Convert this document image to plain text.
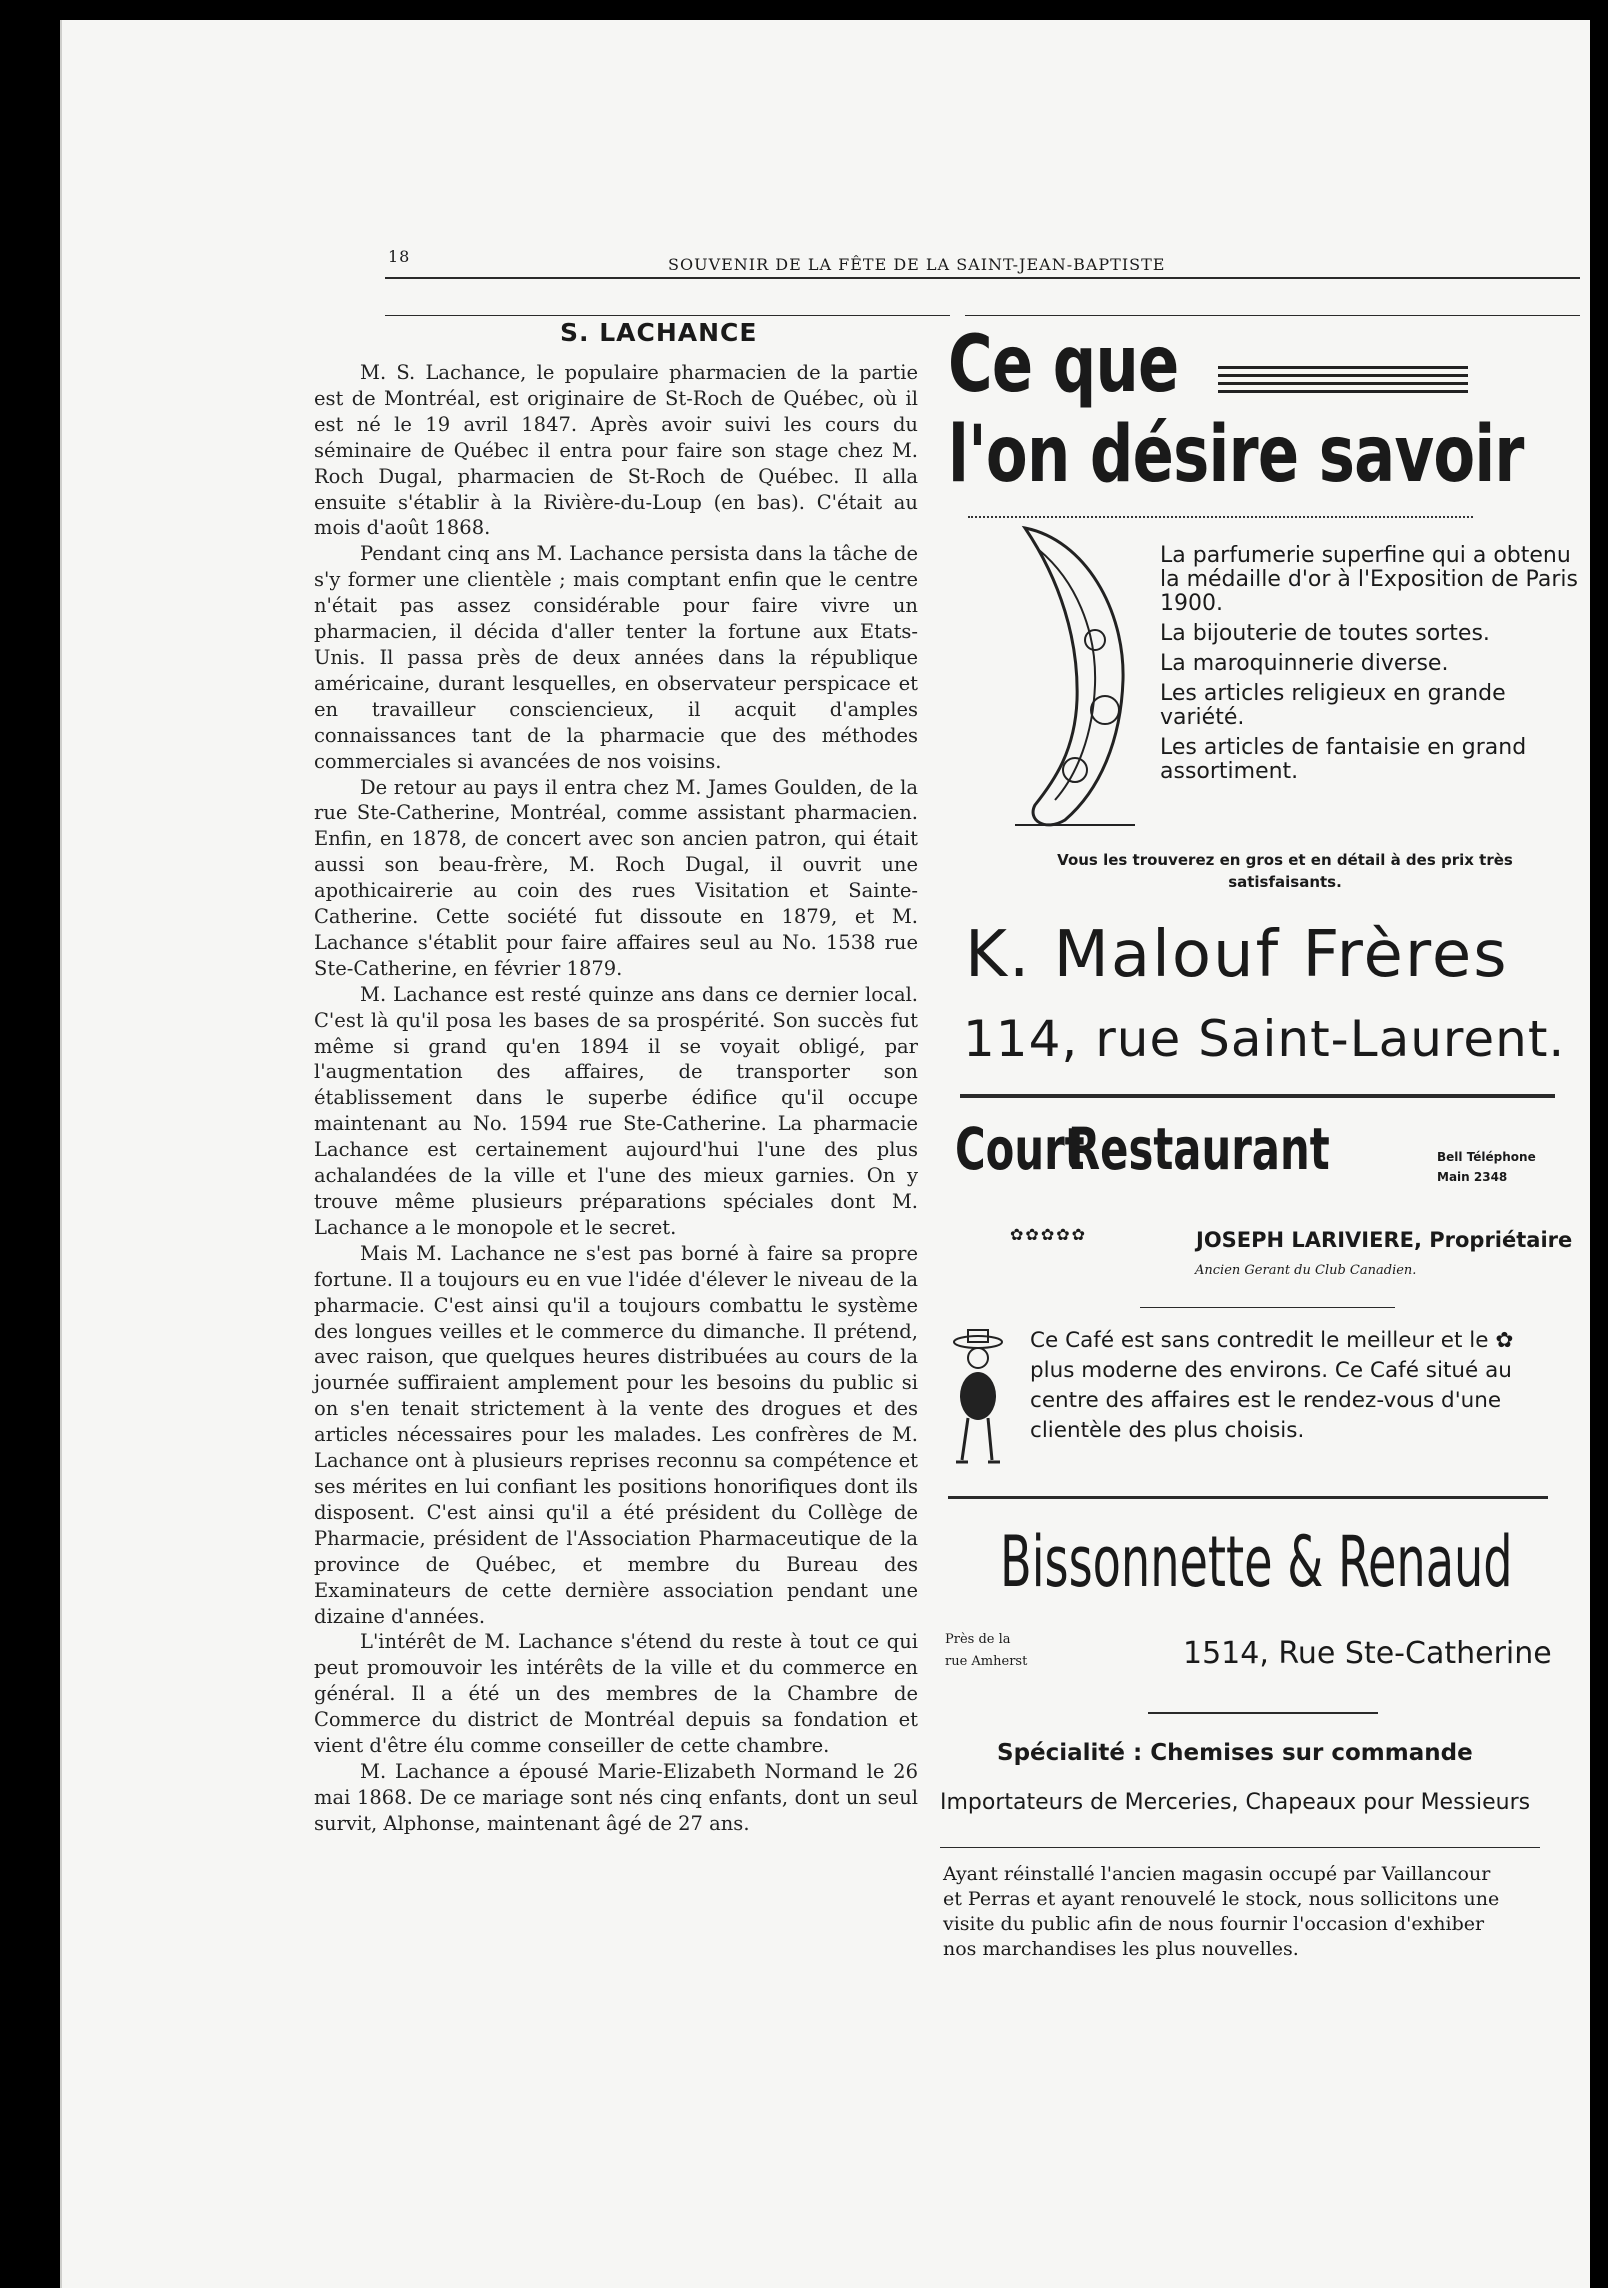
18	SOUVENIR DE LA FÊTE DE LA SAINT-JEAN-BAPTISTE
S. LACHANCE

M. S. Lachance, le populaire pharmacien de la partie est de Montréal, est originaire de St-Roch de Québec, où il est né le 19 avril 1847. Après avoir suivi les cours du séminaire de Québec il entra pour faire son stage chez M. Roch Dugal, pharmacien de St-Roch de Québec. Il alla ensuite s'établir à la Rivière-du-Loup (en bas). C'était au mois d'août 1868.

Pendant cinq ans M. Lachance persista dans la tâche de s'y former une clientèle ; mais comptant enfin que le centre n'était pas assez considérable pour faire vivre un pharmacien, il décida d'aller tenter la fortune aux Etats-Unis. Il passa près de deux années dans la république américaine, durant lesquelles, en observateur perspicace et en travailleur consciencieux, il acquit d'amples connaissances tant de la pharmacie que des méthodes commerciales si avancées de nos voisins.

De retour au pays il entra chez M. James Goulden, de la rue Ste-Catherine, Montréal, comme assistant pharmacien. Enfin, en 1878, de concert avec son ancien patron, qui était aussi son beau-frère, M. Roch Dugal, il ouvrit une apothicairerie au coin des rues Visitation et Sainte-Catherine. Cette société fut dissoute en 1879, et M. Lachance s'établit pour faire affaires seul au No. 1538 rue Ste-Catherine, en février 1879.

M. Lachance est resté quinze ans dans ce dernier local. C'est là qu'il posa les bases de sa prospérité. Son succès fut même si grand qu'en 1894 il se voyait obligé, par l'augmentation des affaires, de transporter son établissement dans le superbe édifice qu'il occupe maintenant au No. 1594 rue Ste-Catherine. La pharmacie Lachance est certainement aujourd'hui l'une des plus achalandées de la ville et l'une des mieux garnies. On y trouve même plusieurs préparations spéciales dont M. Lachance a le monopole et le secret.

Mais M. Lachance ne s'est pas borné à faire sa propre fortune. Il a toujours eu en vue l'idée d'élever le niveau de la pharmacie. C'est ainsi qu'il a toujours combattu le système des longues veilles et le commerce du dimanche. Il prétend, avec raison, que quelques heures distribuées au cours de la journée suffiraient amplement pour les besoins du public si on s'en tenait strictement à la vente des drogues et des articles nécessaires pour les malades. Les confrères de M. Lachance ont à plusieurs reprises reconnu sa compétence et ses mérites en lui confiant les positions honorifiques dont ils disposent. C'est ainsi qu'il a été président du Collège de Pharmacie, président de l'Association Pharmaceutique de la province de Québec, et membre du Bureau des Examinateurs de cette dernière association pendant une dizaine d'années.

L'intérêt de M. Lachance s'étend du reste à tout ce qui peut promouvoir les intérêts de la ville et du commerce en général. Il a été un des membres de la Chambre de Commerce du district de Montréal depuis sa fondation et vient d'être élu comme conseiller de cette chambre.

M. Lachance a épousé Marie-Elizabeth Normand le 26 mai 1868. De ce mariage sont nés cinq enfants, dont un seul survit, Alphonse, maintenant âgé de 27 ans.

Ce que
l'on désire savoir
La parfumerie superfine qui a obtenu la médaille d'or à l'Exposition de Paris 1900.
La bijouterie de toutes sortes.
La maroquinnerie diverse.
Les articles religieux en grande variété.
Les articles de fantaisie en grand assortiment.
Vous les trouverez en gros et en détail à des prix très
satisfaisants.
K. Malouf Frères
114, rue Saint-Laurent.
Court
Restaurant	Bell Téléphone
Main 2348
✿✿✿✿✿	JOSEPH LARIVIERE, Propriétaire
Ancien Gerant du Club Canadien.
Ce Café est sans contredit le meilleur et le ✿
plus moderne des environs. Ce Café situé au
centre des affaires est le rendez-vous d'une
clientèle des plus choisis.
Bissonnette & Renaud
Près de la
rue Amherst	1514, Rue Ste-Catherine
Spécialité : Chemises sur commande
Importateurs de Merceries, Chapeaux pour Messieurs
Ayant réinstallé l'ancien magasin occupé par Vaillancour
et Perras et ayant renouvelé le stock, nous sollicitons une
visite du public afin de nous fournir l'occasion d'exhiber
nos marchandises les plus nouvelles.
